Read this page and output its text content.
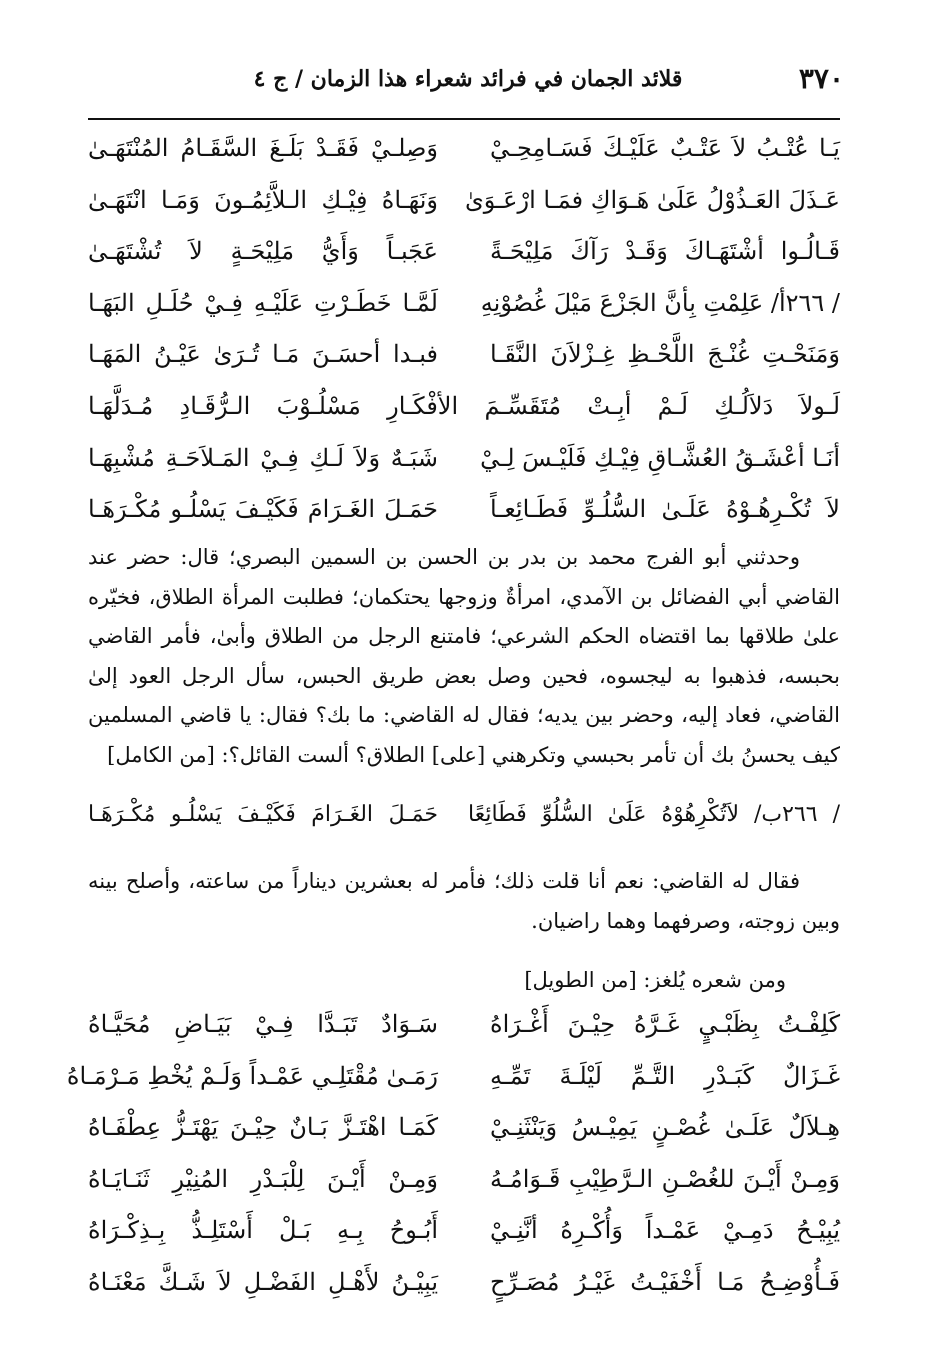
٣٧٠
قلائد الجمان في فرائد شعراء هذا الزمان / ج ٤
يَـا عُتْـبُ لاَ عَتْـبٌ عَلَيْـكَ فَسَـامِحِـيْ
وَصِلـيْ فَقَـدْ بَلَـغَ السَّقَـامُ المُنْتَهَـىٰ
عَـذَلَ العَـذُوْلُ عَلَىٰ هَـوَاكِ فمَـا ارْعَـوَىٰ
وَنَهَـاهُ فِيْـكِ الـلاَّئِمُـونَ وَمَـا انْتَهَـىٰ
قَـالُـوا أشْتَهَـاكَ وَقَـدْ رَآكَ مَلِيْحَـةً
عَجَبـاً وَأَيُّ مَلِيْحَـةٍ لاَ تُشْتَهَـىٰ
/ ٢٦٦أ/ عَلِمْتِ بِأنَّ الجَزْعَ مَيْلَ غُصُوْنِهِ
لَمَّـا خَطَـرْتِ عَلَيْـهِ فِـيْ حُلَـلِ البَهَـا
وَمَنَحْـتِ غُنْـجَ اللَّحْـظِ غِـزْلاَنَ النَّقَـا
فبـدا أحسَـنَ مَـا تُـرَىٰ عَيْـنُ المَهَـا
لَـولاَ دَلاَلُـكِ لَـمْ أبِـتْ مُتَقَسِّـمَ الأفْكَـارِ مَسْلُـوْبَ الـرُّقَـادِ مُـدَلَّهَـا
أنَـا أعْشَـقُ العُشَّـاقِ فِيْـكِ فَلَيْـسَ لِـيْ
شَبَـهٌ وَلاَ لَـكِ فِـيْ المَـلاَحَـةِ مُشْبِهَـا
لاَ تُكْـرِهُـوْهُ عَلَـىٰ السُّلُـوِّ فَطَـائِعـاً
حَمَـلَ الغَـرَامَ فَكَيْـفَ يَسْلُـو مُكْـرَهَـا

وحدثني أبو الفرج محمد بن بدر بن الحسن بن السمين البصري؛ قال: حضر عند القاضي أبي الفضائل بن الآمدي، امرأةٌ وزوجها يحتكمان؛ فطلبت المرأة الطلاق، فخيّره علىٰ طلاقها بما اقتضاه الحكم الشرعي؛ فامتنع الرجل من الطلاق وأبىٰ، فأمر القاضي بحبسه، فذهبوا به ليجسوه، فحين وصل بعض طريق الحبس، سأل الرجل العود إلىٰ القاضي، فعاد إليه، وحضر بين يديه؛ فقال له القاضي: ما بك؟ فقال: يا قاضي المسلمين كيف يحسنُ بك أن تأمر بحبسي وتكرهني [على] الطلاق؟ ألست القائل؟: [من الكامل]

/ ٢٦٦ب/ لاَتُكْرِهُوْهُ عَلَىٰ السُّلُوِّ فَطَائِعًا
حَمَـلَ الغَـرَامَ فَكَيْـفَ يَسْلُـو مُكْـرَهَـا

فقال له القاضي: نعم أنا قلت ذلك؛ فأمر له بعشرين ديناراً من ساعته، وأصلح بينه وبين زوجته، وصرفهما وهما راضيان.

ومن شعره يُلغز: [من الطويل]
كَلِفْـتُ بِظَبْـيٍ غَـرَّهُ حِيْـنَ أَغْـرَاهُ
سَـوَادٌ تَبَـدَّا فِـيْ بَيَـاضِ مُحَيَّـاهُ
غَـزَالٌ كَبَـدْرِ التَّـمِّ لَيْلَـةَ تَمِّـهِ
رَمَـىٰ مُقْتَلِـي عَمْـداً وَلَـمْ يُخْطِ مَـرْمَـاهُ
هِـلاَلٌ عَلَـىٰ غُصْـنٍ يَمِيْـسُ وَيَنْثَنِـيْ
كَمَـا اهْتَـزَّ بَـانٌ حِيْـنَ يَهْتَـزُّ عِطْفَـاهُ
وَمِـنْ أَيْـنَ للغُصْـنِ الـرَّطِيْبِ قَـوَامُـهُ
وَمِـنْ أَيْـنَ لِلْبَـدْرِ المُنِيْرِ ثَنَـايَـاهُ
يُبِيْـحُ دَمِـيْ عَمْـداً وَأُكْـرِهُ أنَّنِـيْ
أَبُـوحُ بِـهِ بَـلْ أَسْتَلِـذُّ بِـذِكْـرَاهُ
فَـأُوْضِـحُ مَـا أَخْفَيْـتُ غَيْـرُ مُصَـرِّحٍ
يَبِيْـنُ لأَهْـلِ الفَضْـلِ لاَ شَـكَّ مَعْنَـاهُ
